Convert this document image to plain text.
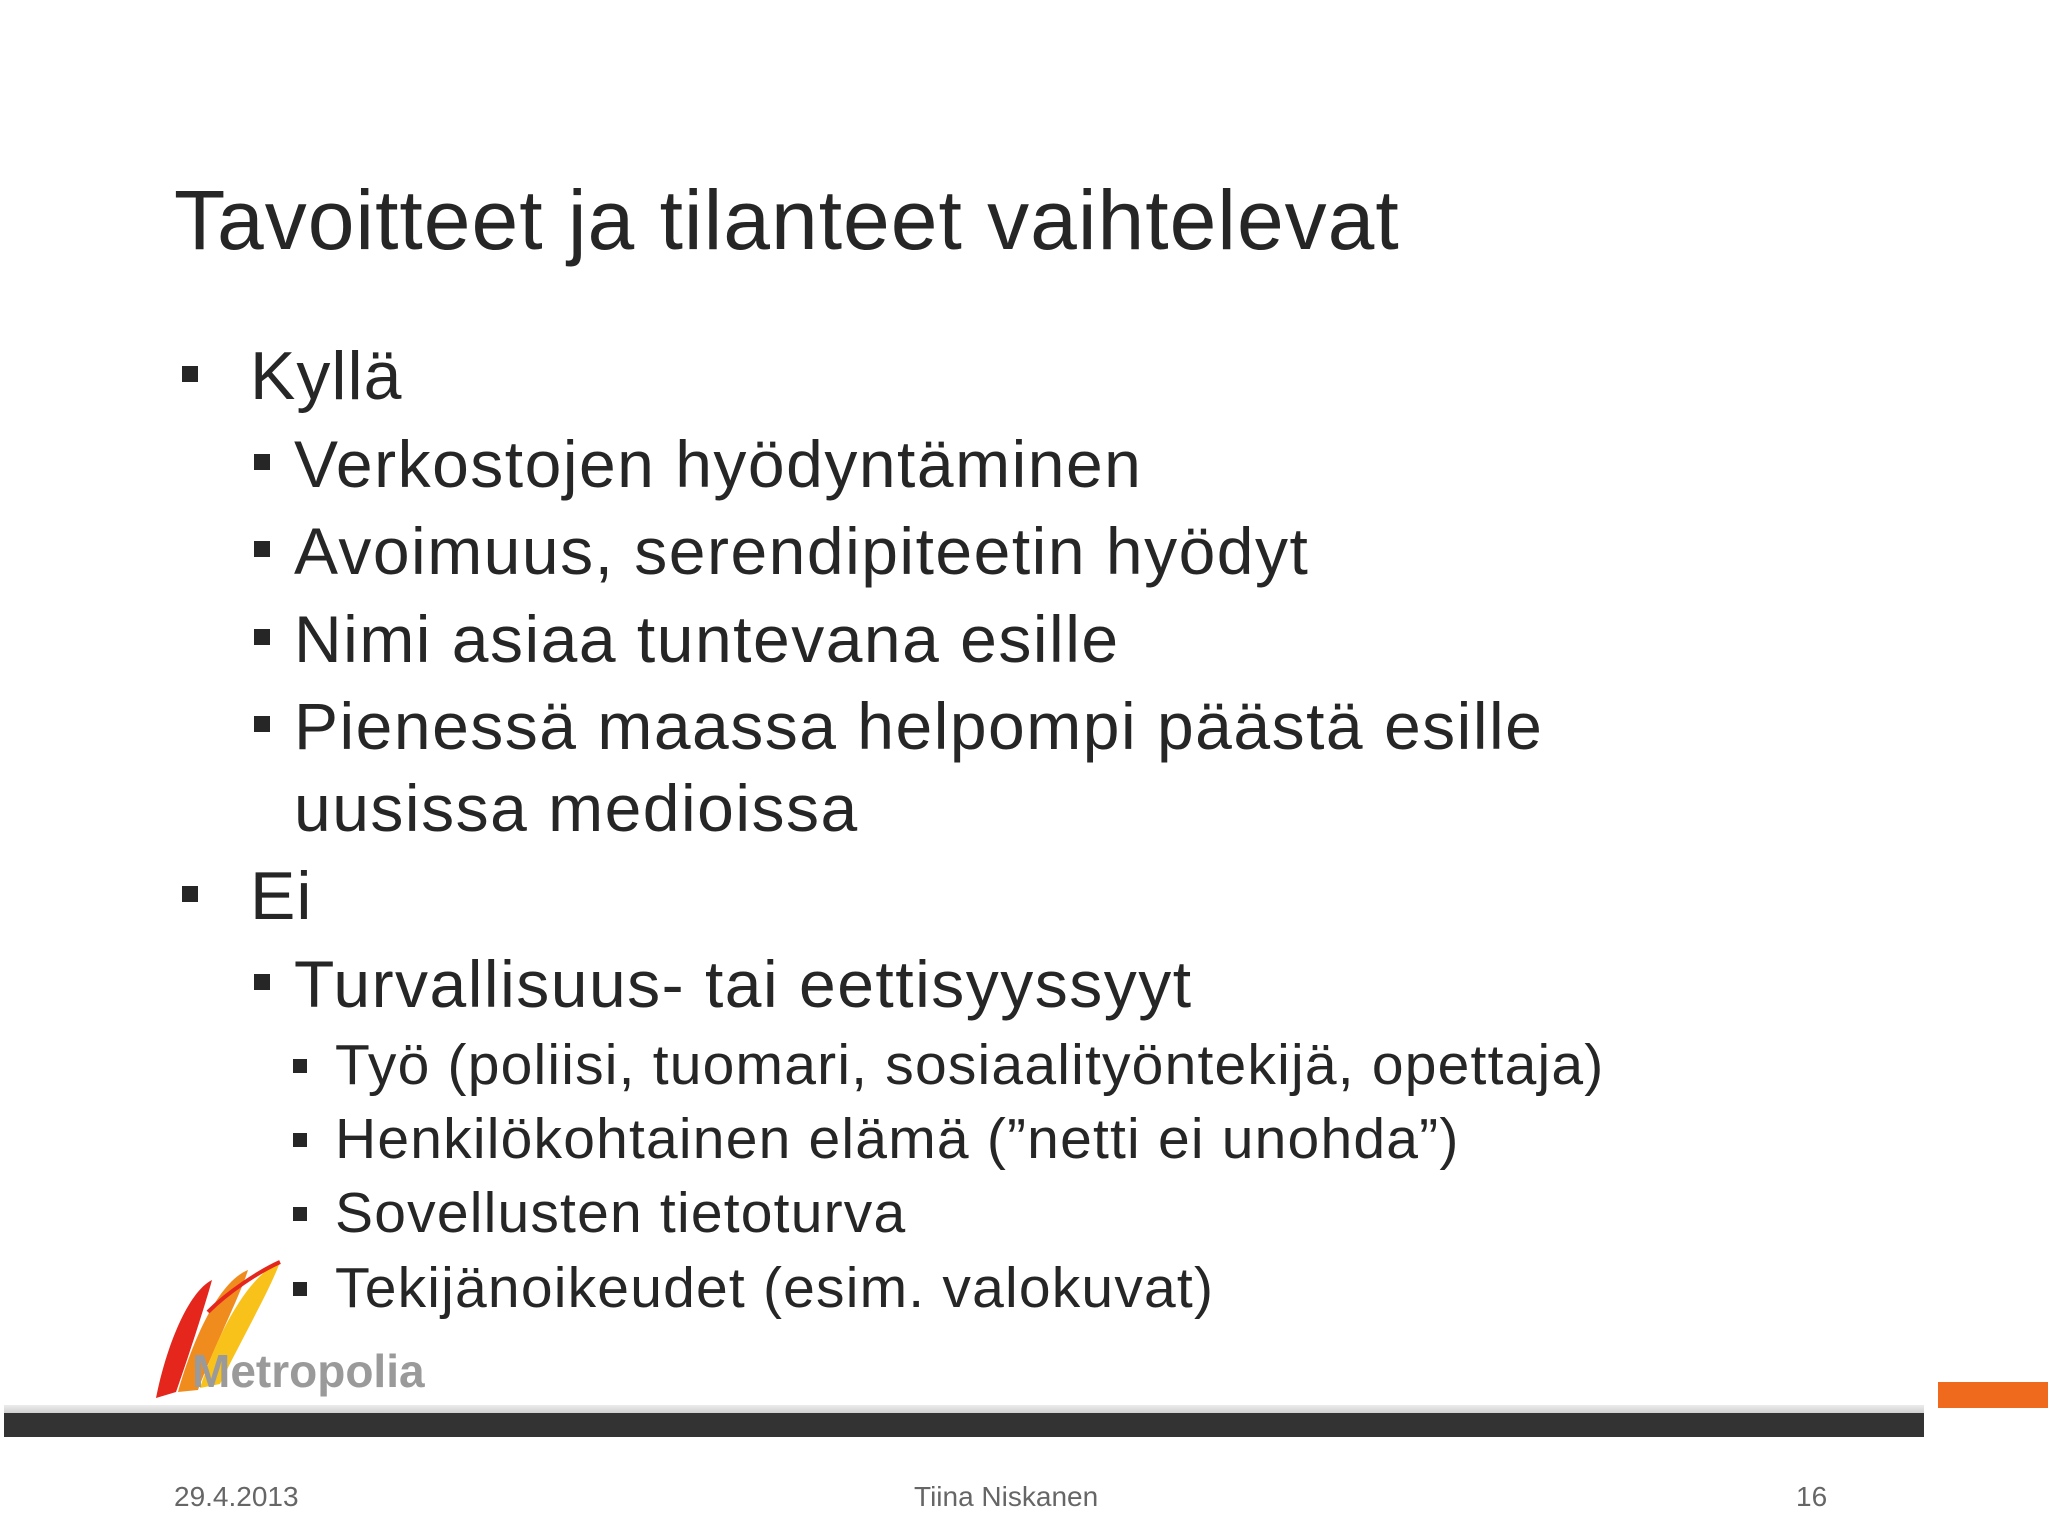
Tavoitteet ja tilanteet vaihtelevat
Kyllä
Verkostojen hyödyntäminen
Avoimuus, serendipiteetin hyödyt
Nimi asiaa tuntevana esille
Pienessä maassa helpompi päästä esille
uusissa medioissa
Ei
Turvallisuus- tai eettisyyssyyt
Työ (poliisi, tuomari, sosiaalityöntekijä, opettaja)
Henkilökohtainen elämä (”netti ei unohda”)
Sovellusten tietoturva
Tekijänoikeudet (esim. valokuvat)
Metropolia
29.4.2013	Tiina Niskanen	16
